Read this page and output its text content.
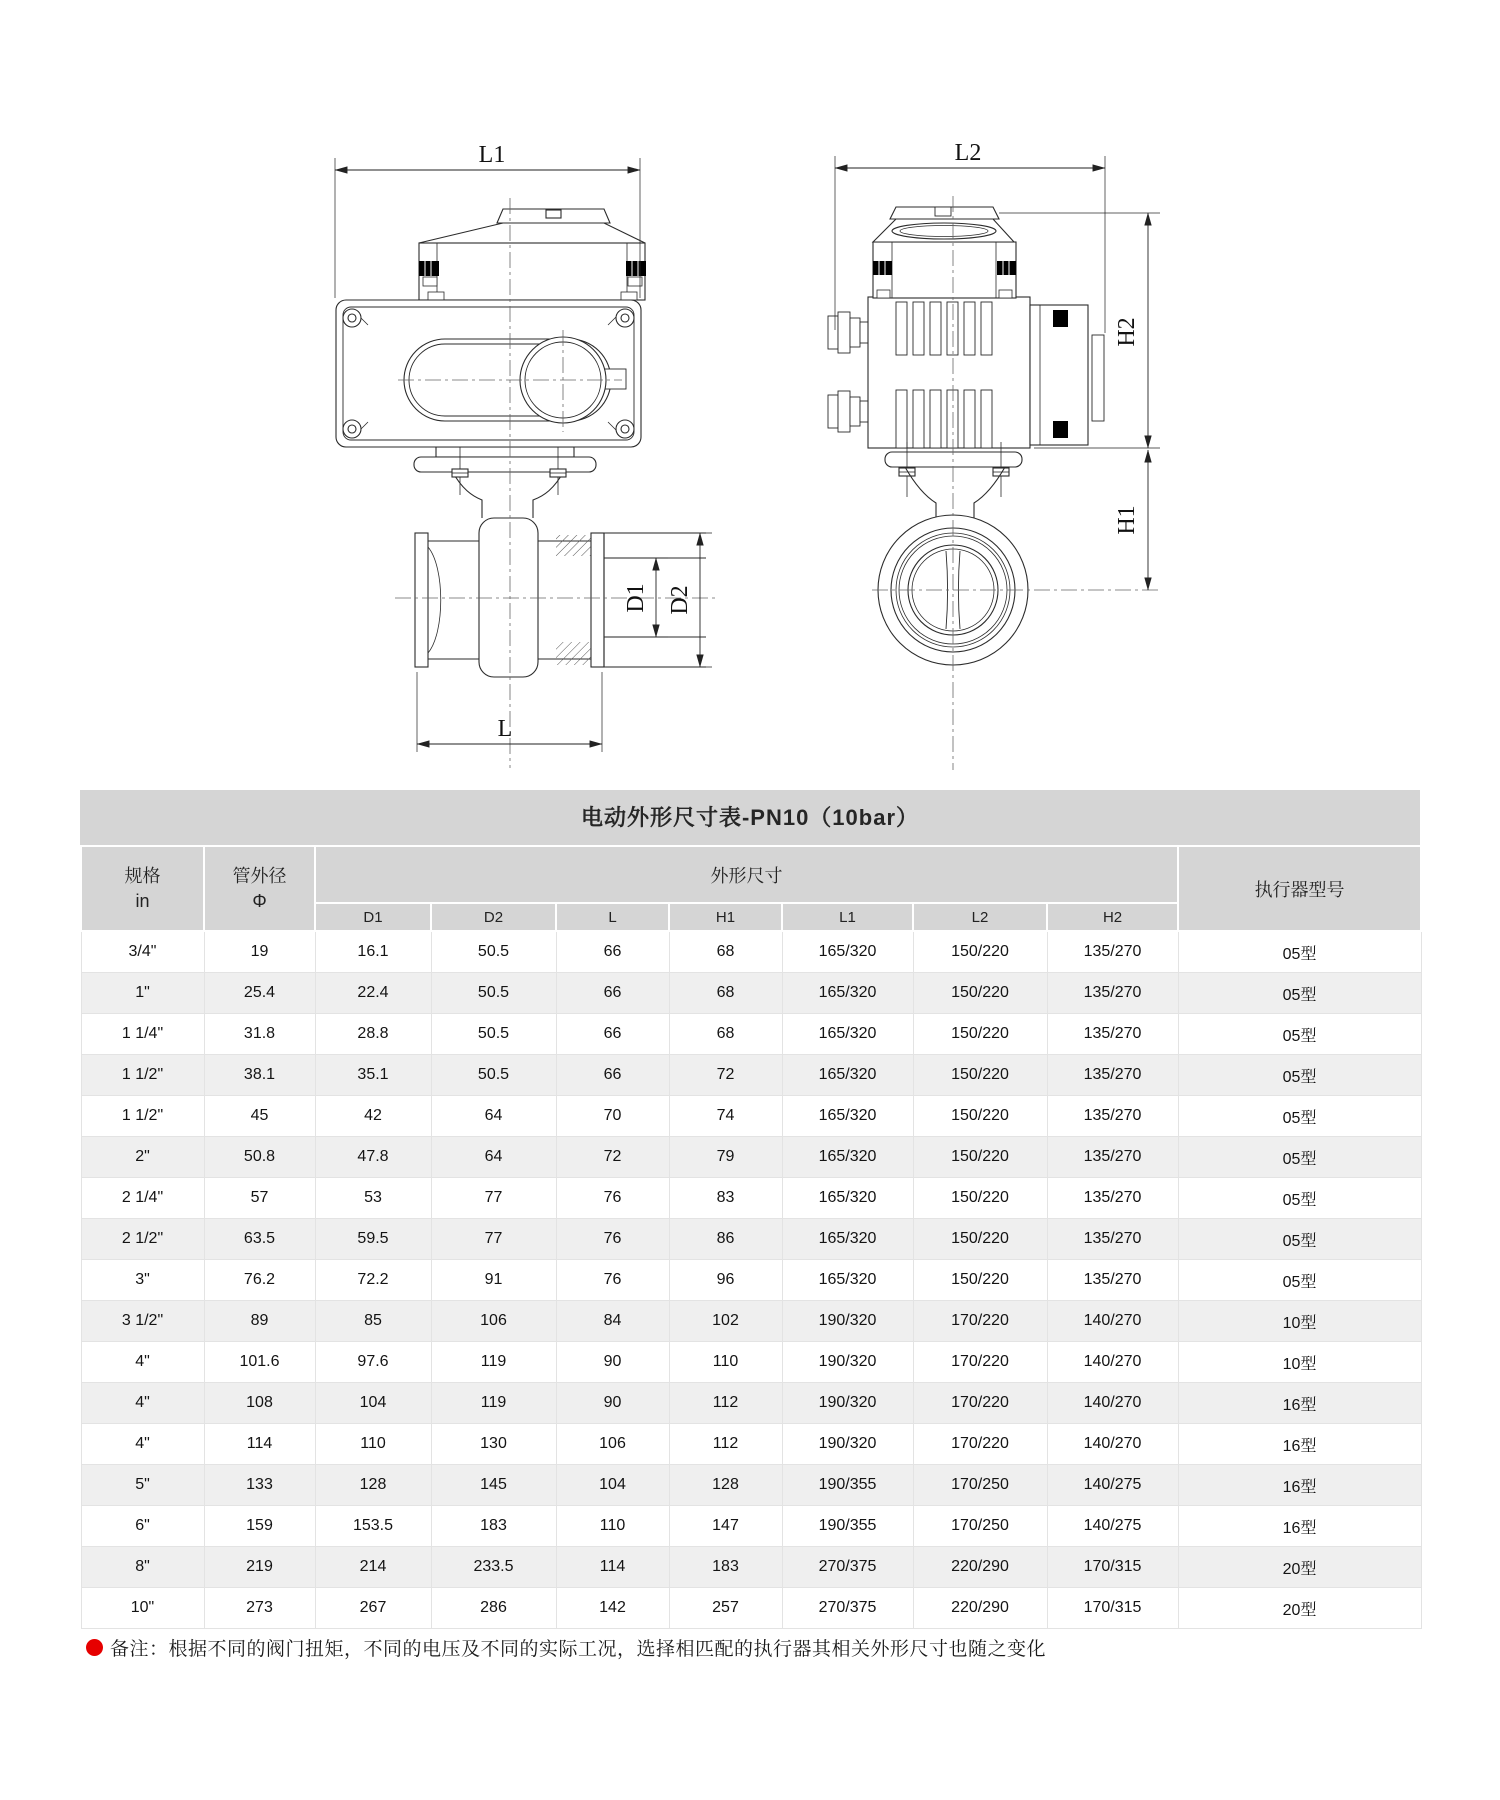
L1
D1 D2
L
L2
H2
H1
电动外形尺寸表-PN10（10bar）
规格
in

管外径
Φ
	外形尺寸	执行器型号
		D1	D2	L	H1	L1	L2	H2	
3/4"	19	16.1	50.5	66	68	165/320	150/220	135/270	05型
1"	25.4	22.4	50.5	66	68	165/320	150/220	135/270	05型
1 1/4"	31.8	28.8	50.5	66	68	165/320	150/220	135/270	05型
1 1/2"	38.1	35.1	50.5	66	72	165/320	150/220	135/270	05型
1 1/2"	45	42	64	70	74	165/320	150/220	135/270	05型
2"	50.8	47.8	64	72	79	165/320	150/220	135/270	05型
2 1/4"	57	53	77	76	83	165/320	150/220	135/270	05型
2 1/2"	63.5	59.5	77	76	86	165/320	150/220	135/270	05型
3"	76.2	72.2	91	76	96	165/320	150/220	135/270	05型
3 1/2"	89	85	106	84	102	190/320	170/220	140/270	10型
4"	101.6	97.6	119	90	110	190/320	170/220	140/270	10型
4"	108	104	119	90	112	190/320	170/220	140/270	16型
4"	114	110	130	106	112	190/320	170/220	140/270	16型
5"	133	128	145	104	128	190/355	170/250	140/275	16型
6"	159	153.5	183	110	147	190/355	170/250	140/275	16型
8"	219	214	233.5	114	183	270/375	220/290	170/315	20型
10"	273	267	286	142	257	270/375	220/290	170/315	20型
备注：根据不同的阀门扭矩，不同的电压及不同的实际工况，选择相匹配的执行器其相关外形尺寸也随之变化
